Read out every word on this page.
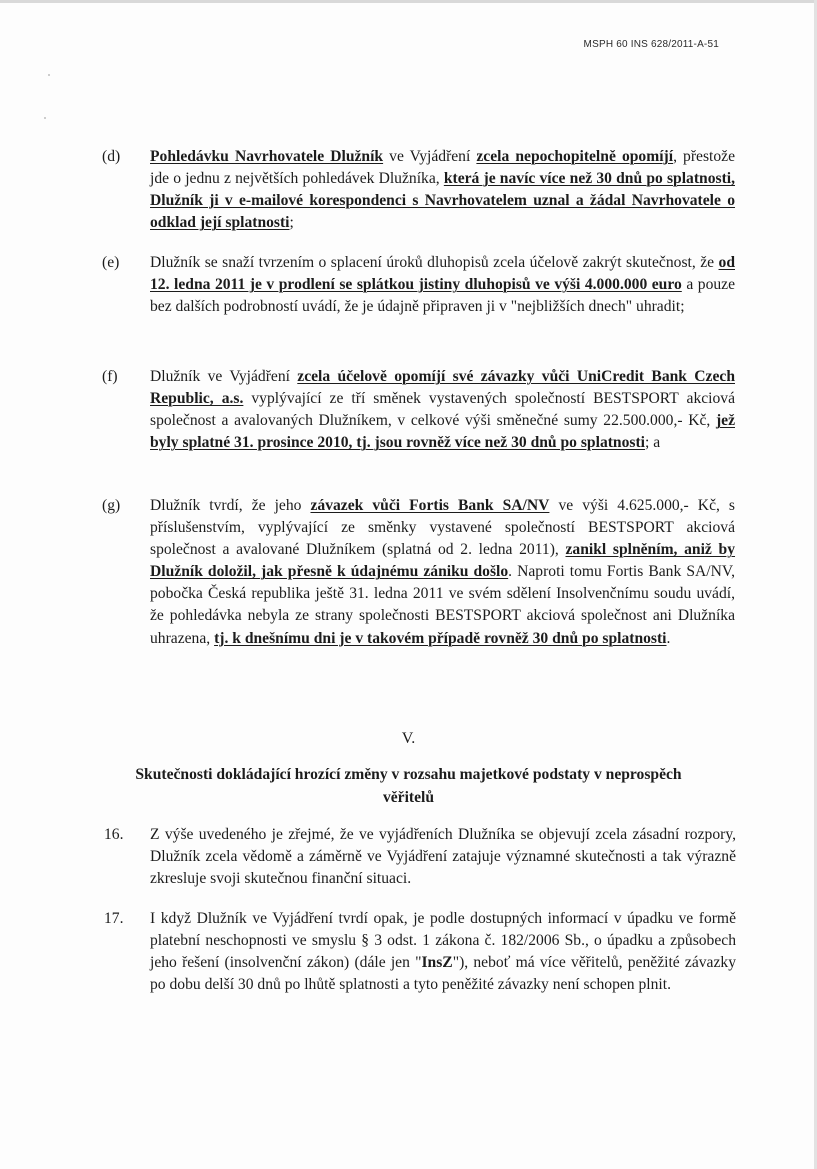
MSPH 60 INS 628/2011-A-51
(d) Pohledávku Navrhovatele Dlužník ve Vyjádření zcela nepochopitelně opomíjí, přestože jde o jednu z největších pohledávek Dlužníka, která je navíc více než 30 dnů po splatnosti, Dlužník ji v e-mailové korespondenci s Navrhovatelem uznal a žádal Navrhovatele o odklad její splatnosti;
(e) Dlužník se snaží tvrzením o splacení úroků dluhopisů zcela účelově zakrýt skutečnost, že od 12. ledna 2011 je v prodlení se splátkou jistiny dluhopisů ve výši 4.000.000 euro a pouze bez dalších podrobností uvádí, že je údajně připraven ji v "nejbližších dnech" uhradit;
(f) Dlužník ve Vyjádření zcela účelově opomíjí své závazky vůči UniCredit Bank Czech Republic, a.s. vyplývající ze tří směnek vystavených společností BESTSPORT akciová společnost a avalovaných Dlužníkem, v celkové výši směnečné sumy 22.500.000,- Kč, jež byly splatné 31. prosince 2010, tj. jsou rovněž více než 30 dnů po splatnosti; a
(g) Dlužník tvrdí, že jeho závazek vůči Fortis Bank SA/NV ve výši 4.625.000,- Kč, s příslušenstvím, vyplývající ze směnky vystavené společností BESTSPORT akciová společnost a avalované Dlužníkem (splatná od 2. ledna 2011), zanikl splněním, aniž by Dlužník doložil, jak přesně k údajnému zániku došlo. Naproti tomu Fortis Bank SA/NV, pobočka Česká republika ještě 31. ledna 2011 ve svém sdělení Insolvenčnímu soudu uvádí, že pohledávka nebyla ze strany společnosti BESTSPORT akciová společnost ani Dlužníka uhrazena, tj. k dnešnímu dni je v takovém případě rovněž 30 dnů po splatnosti.
V.
Skutečnosti dokládající hrozící změny v rozsahu majetkové podstaty v neprospěch věřitelů
16. Z výše uvedeného je zřejmé, že ve vyjádřeních Dlužníka se objevují zcela zásadní rozpory, Dlužník zcela vědomě a záměrně ve Vyjádření zatajuje významné skutečnosti a tak výrazně zkresluje svoji skutečnou finanční situaci.
17. I když Dlužník ve Vyjádření tvrdí opak, je podle dostupných informací v úpadku ve formě platební neschopnosti ve smyslu § 3 odst. 1 zákona č. 182/2006 Sb., o úpadku a způsobech jeho řešení (insolvenční zákon) (dále jen "InsZ"), neboť má více věřitelů, peněžité závazky po dobu delší 30 dnů po lhůtě splatnosti a tyto peněžité závazky není schopen plnit.
